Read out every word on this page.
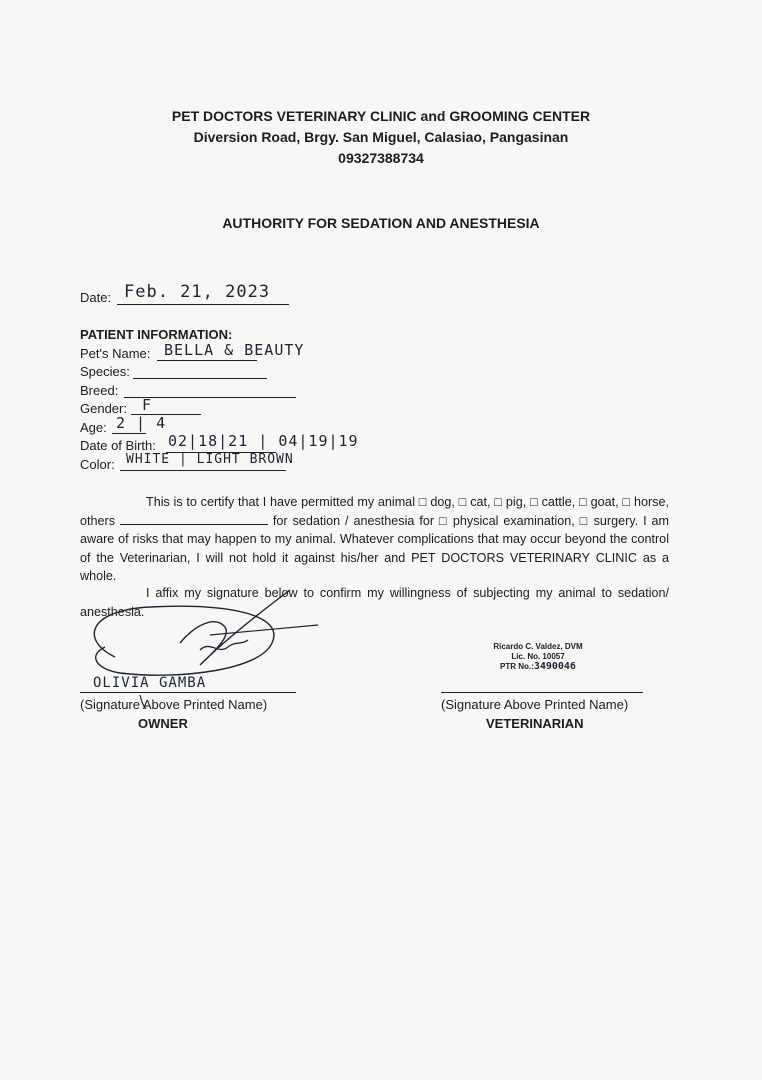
PET DOCTORS VETERINARY CLINIC and GROOMING CENTER
Diversion Road, Brgy. San Miguel, Calasiao, Pangasinan
09327388734
AUTHORITY FOR SEDATION AND ANESTHESIA
Date: Feb. 21, 2023
PATIENT INFORMATION:
Pet's Name: BELLA & BEAUTY
Species:
Breed:
Gender: F
Age: 2 | 4
Date of Birth: 02|18|21 | 04|19|19
Color: WHITE | LIGHT BROWN
This is to certify that I have permitted my animal □ dog, □ cat, □ pig, □ cattle, □ goat, □ horse, others	for sedation / anesthesia for □ physical examination, □ surgery. I am aware of risks that may happen to my animal. Whatever complications that may occur beyond the control of the Veterinarian, I will not hold it against his/her and PET DOCTORS VETERINARY CLINIC as a whole.
I affix my signature below to confirm my willingness of subjecting my animal to sedation/ anesthesia.
OLIVIA GAMBA
(Signature Above Printed Name)
OWNER
Ricardo C. Valdez, DVM
Lic. No. 10057
PTR No.:3490046
(Signature Above Printed Name)
VETERINARIAN
